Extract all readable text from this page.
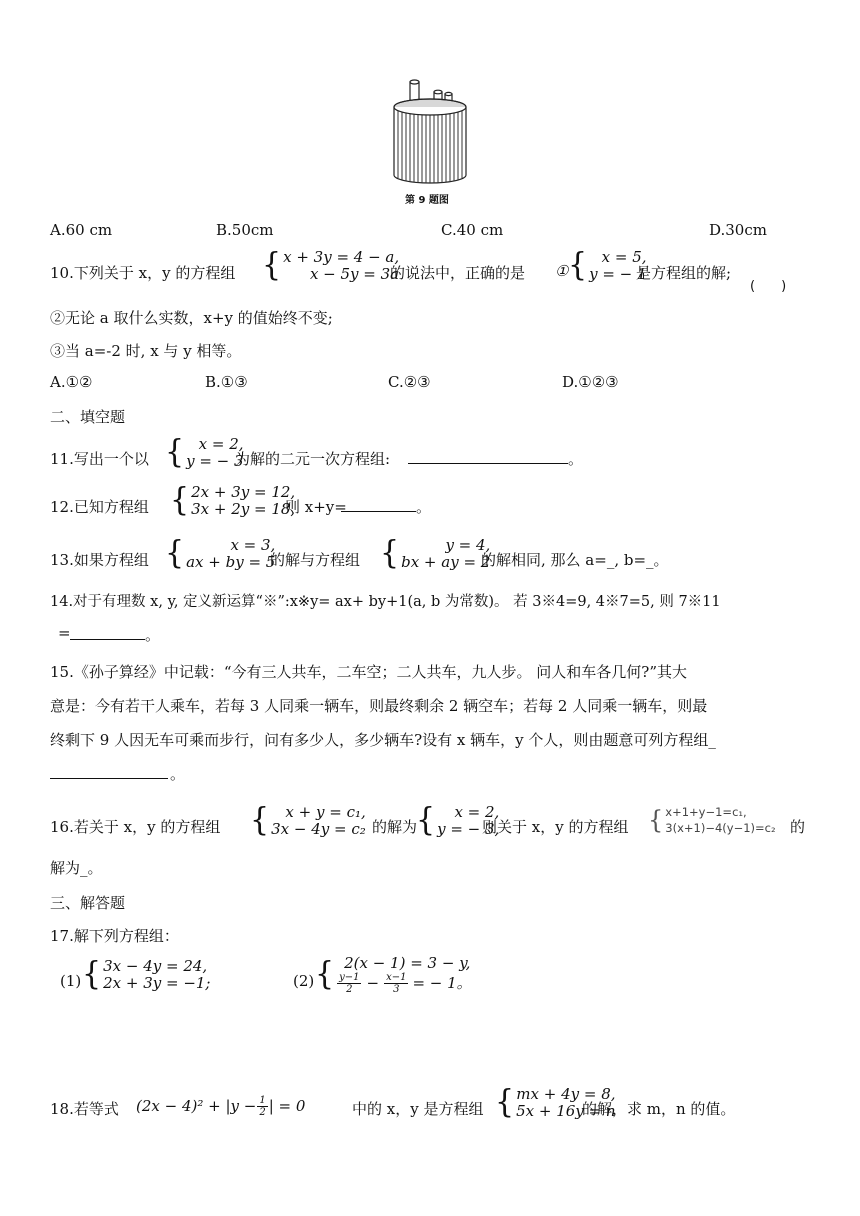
第 9 题图
A.60 cm	B.50cm	C.40 cm	D.30cm
10.下列关于 x，y 的方程组 { x + 3y = 4 − a,
x − 5y = 3a
的说法中，正确的是 ① { x = 5,
y = − 1
是方程组的解;
(　　)
②无论 a 取什么实数，x+y 的值始终不变;
③当 a=-2 时, x 与 y 相等。
A.①②	B.①③	C.②③	D.①②③
二、填空题
11.写出一个以 { x = 2,
y = − 3
为解的二元一次方程组:	。
12.已知方程组 { 2x + 3y = 12,
3x + 2y = 18,
则 x+y=	。
13.如果方程组 {	x = 3,
ax + by = 5
的解与方程组 {	y = 4,
bx + ay = 2
的解相同, 那么 a=_, b=_。
14.对于有理数 x, y, 定义新运算“※”:x※y= ax+ by+1(a, b 为常数)。 若 3※4=9, 4※7=5, 则 7※11
=	。
15.《孙子算经》中记载：“今有三人共车，二车空；二人共车，九人步。 问人和车各几何?”其大
意是：今有若干人乘车，若每 3 人同乘一辆车，则最终剩余 2 辆空车；若每 2 人同乘一辆车，则最
终剩下 9 人因无车可乘而步行，问有多少人，多少辆车?设有 x 辆车，y 个人，则由题意可列方程组_
。
16.若关于 x，y 的方程组 { x + y = c₁,
3x − 4y = c₂ 的解为
{ x = 2,
y = − 3,
则关于 x，y 的方程组 { x+1+y−1=c₁,
3(x+1)−4(y−1)=c₂ 的
解为_。
三、解答题
17.解下列方程组：
(1) { 3x − 4y = 24,
2x + 3y = −1;	(2) { 2(x − 1) = 3 − y,
$\frac{y-1}{2} - \frac{x-1}{3}$ = − 1。
18.若等式 $(2x - 4)^2 + |y - \frac{1}{2}$ | = 0	中的 x，y 是方程组 { mx + 4y = 8,
5x + 16y = n
的解，求 m，n 的值。
